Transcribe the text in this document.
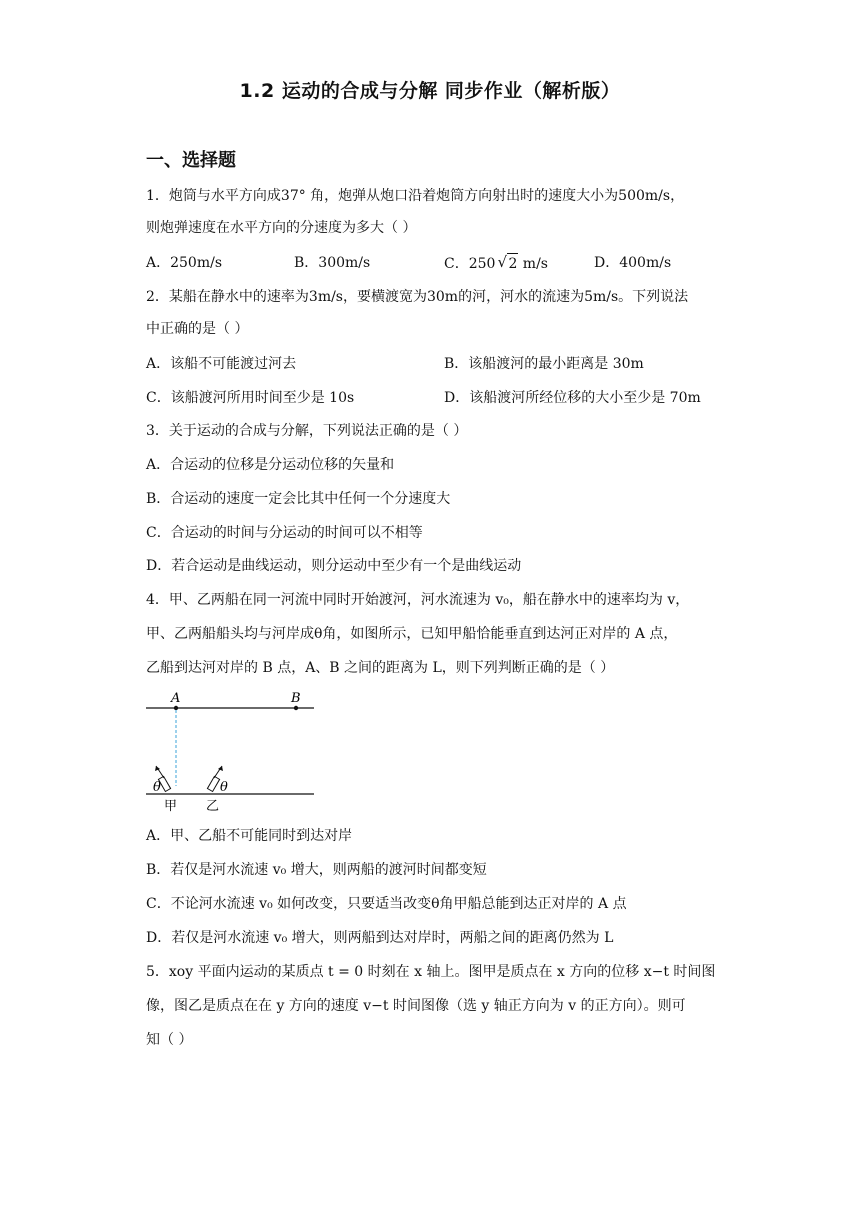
1.2 运动的合成与分解 同步作业（解析版）
一、选择题
1．炮筒与水平方向成37° 角，炮弹从炮口沿着炮筒方向射出时的速度大小为500m/s，
则炮弹速度在水平方向的分速度为多大（ ）
A．250m/s	B．300m/s	C．250 √ 2 m/s	D．400m/s
2．某船在静水中的速率为3m/s，要横渡宽为30m的河，河水的流速为5m/s。下列说法
中正确的是（ ）
A．该船不可能渡过河去	B．该船渡河的最小距离是 30m
C．该船渡河所用时间至少是 10s	D．该船渡河所经位移的大小至少是 70m
3．关于运动的合成与分解，下列说法正确的是（ ）
A．合运动的位移是分运动位移的矢量和
B．合运动的速度一定会比其中任何一个分速度大
C．合运动的时间与分运动的时间可以不相等
D．若合运动是曲线运动，则分运动中至少有一个是曲线运动
4．甲、乙两船在同一河流中同时开始渡河，河水流速为 v₀，船在静水中的速率均为 v，
甲、乙两船船头均与河岸成θ角，如图所示，已知甲船恰能垂直到达河正对岸的 A 点，
乙船到达河对岸的 B 点，A、B 之间的距离为 L，则下列判断正确的是（ ）
A	B
θ	θ
甲 乙
A．甲、乙船不可能同时到达对岸
B．若仅是河水流速 v₀ 增大，则两船的渡河时间都变短
C．不论河水流速 v₀ 如何改变，只要适当改变θ角甲船总能到达正对岸的 A 点
D．若仅是河水流速 v₀ 增大，则两船到达对岸时，两船之间的距离仍然为 L
5．xoy 平面内运动的某质点 t = 0 时刻在 x 轴上。图甲是质点在 x 方向的位移 x−t 时间图
像，图乙是质点在在 y 方向的速度 v−t 时间图像（选 y 轴正方向为 v 的正方向）。则可
知（ ）
